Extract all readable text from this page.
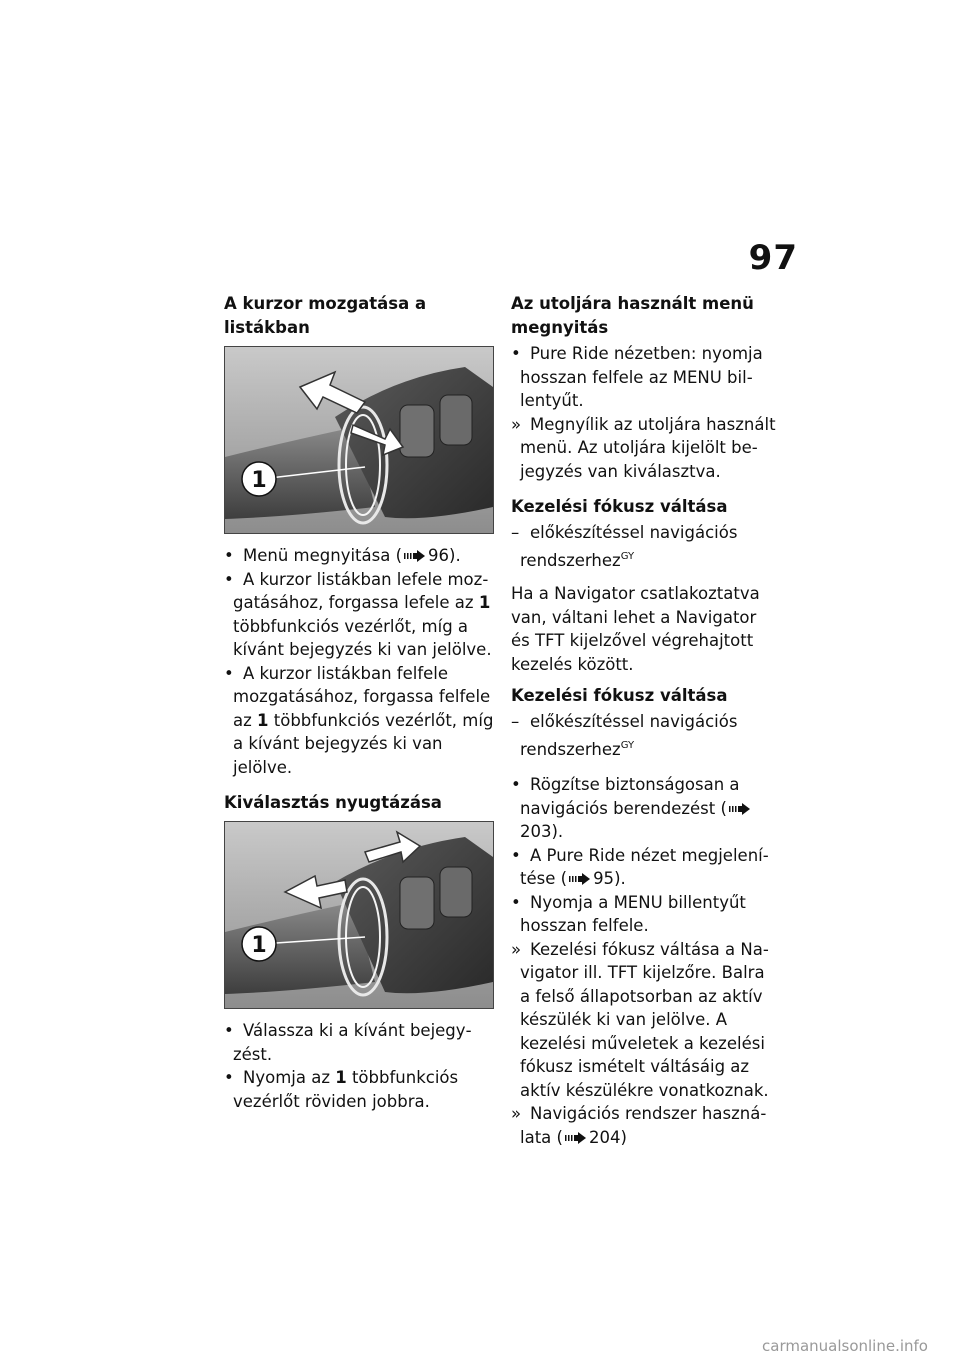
97
A kurzor mozgatása a listákban
1
• Menü megnyitása ( 96).
• A kurzor listákban lefele mozgatásához, forgassa lefele az 1 többfunkciós vezérlőt, míg a kívánt bejegyzés ki van jelölve.
• A kurzor listákban felfele mozgatásához, forgassa felfele az 1 többfunkciós vezérlőt, míg a kívánt bejegyzés ki van jelölve.
Kiválasztás nyugtázása
1
• Válassza ki a kívánt bejegyzést.
• Nyomja az 1 többfunkciós vezérlőt röviden jobbra.
Az utoljára használt menü megnyitás
• Pure Ride nézetben: nyomja hosszan felfele az MENU billentyűt.
» Megnyílik az utoljára használt menü. Az utoljára kijelölt bejegyzés van kiválasztva.
Kezelési fókusz váltása
– előkészítéssel navigációs rendszerhez$^{GY}$
Ha a Navigator csatlakoztatva van, váltani lehet a Navigator és TFT kijelzővel végrehajtott kezelés között.
Kezelési fókusz váltása
– előkészítéssel navigációs rendszerhez$^{GY}$
• Rögzítse biztonságosan a navigációs berendezést (203).
• A Pure Ride nézet megjelenítése ( 95).
• Nyomja a MENU billentyűt hosszan felfele.
» Kezelési fókusz váltása a Navigator ill. TFT kijelzőre. Balra a felső állapotsorban az aktív készülék ki van jelölve. A kezelési műveletek a kezelési fókusz ismételt váltásáig az aktív készülékre vonatkoznak.
» Navigációs rendszer használata ( 204)
carmanualsonline.info
